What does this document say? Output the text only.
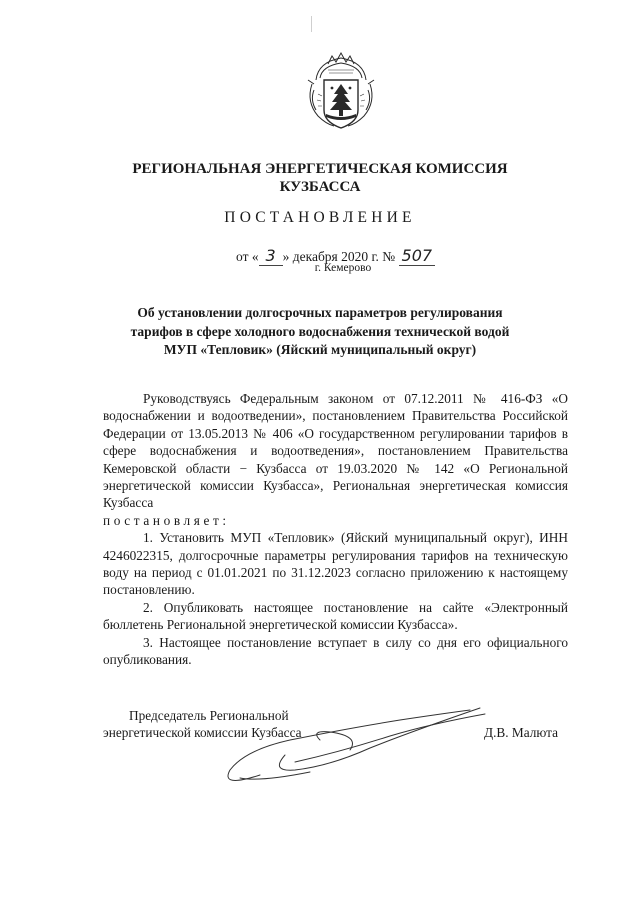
РЕГИОНАЛЬНАЯ ЭНЕРГЕТИЧЕСКАЯ КОМИССИЯ
КУЗБАССА
ПОСТАНОВЛЕНИЕ
от « 3 » декабря 2020 г. № 507
г. Кемерово
Об установлении долгосрочных параметров регулирования
тарифов в сфере холодного водоснабжения технической водой
МУП «Тепловик» (Яйский муниципальный округ)

Руководствуясь Федеральным законом от 07.12.2011 № 416-ФЗ «О водоснабжении и водоотведении», постановлением Правительства Российской Федерации от 13.05.2013 № 406 «О государственном регулировании тарифов в сфере водоснабжения и водоотведения», постановлением Правительства Кемеровской области − Кузбасса от 19.03.2020 № 142 «О Региональной энергетической комиссии Кузбасса», Региональная энергетическая комиссия Кузбасса

постановляет:

1. Установить МУП «Тепловик» (Яйский муниципальный округ), ИНН 4246022315, долгосрочные параметры регулирования тарифов на техническую воду на период с 01.01.2021 по 31.12.2023 согласно приложению к настоящему постановлению.

2. Опубликовать настоящее постановление на сайте «Электронный бюллетень Региональной энергетической комиссии Кузбасса».

3. Настоящее постановление вступает в силу со дня его официального опубликования.

Председатель Региональной
энергетической комиссии Кузбасса	Д.В. Малюта
